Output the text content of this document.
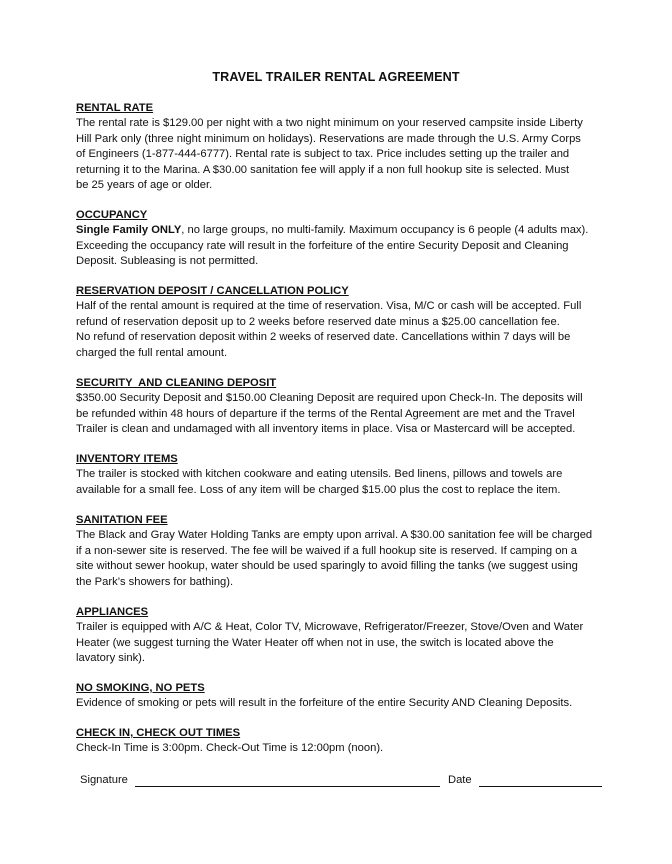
TRAVEL TRAILER RENTAL AGREEMENT
RENTAL RATE
The rental rate is $129.00 per night with a two night minimum on your reserved campsite inside Liberty
Hill Park only (three night minimum on holidays). Reservations are made through the U.S. Army Corps
of Engineers (1-877-444-6777). Rental rate is subject to tax. Price includes setting up the trailer and
returning it to the Marina. A $30.00 sanitation fee will apply if a non full hookup site is selected. Must
be 25 years of age or older.
OCCUPANCY
Single Family ONLY, no large groups, no multi-family. Maximum occupancy is 6 people (4 adults max).
Exceeding the occupancy rate will result in the forfeiture of the entire Security Deposit and Cleaning
Deposit. Subleasing is not permitted.
RESERVATION DEPOSIT / CANCELLATION POLICY
Half of the rental amount is required at the time of reservation. Visa, M/C or cash will be accepted. Full
refund of reservation deposit up to 2 weeks before reserved date minus a $25.00 cancellation fee.
No refund of reservation deposit within 2 weeks of reserved date. Cancellations within 7 days will be
charged the full rental amount.
SECURITY  AND CLEANING DEPOSIT
$350.00 Security Deposit and $150.00 Cleaning Deposit are required upon Check-In. The deposits will
be refunded within 48 hours of departure if the terms of the Rental Agreement are met and the Travel
Trailer is clean and undamaged with all inventory items in place. Visa or Mastercard will be accepted.
INVENTORY ITEMS
The trailer is stocked with kitchen cookware and eating utensils. Bed linens, pillows and towels are
available for a small fee. Loss of any item will be charged $15.00 plus the cost to replace the item.
SANITATION FEE
The Black and Gray Water Holding Tanks are empty upon arrival. A $30.00 sanitation fee will be charged
if a non-sewer site is reserved. The fee will be waived if a full hookup site is reserved. If camping on a
site without sewer hookup, water should be used sparingly to avoid filling the tanks (we suggest using
the Park’s showers for bathing).
APPLIANCES
Trailer is equipped with A/C & Heat, Color TV, Microwave, Refrigerator/Freezer, Stove/Oven and Water
Heater (we suggest turning the Water Heater off when not in use, the switch is located above the
lavatory sink).
NO SMOKING, NO PETS
Evidence of smoking or pets will result in the forfeiture of the entire Security AND Cleaning Deposits.
CHECK IN, CHECK OUT TIMES
Check-In Time is 3:00pm. Check-Out Time is 12:00pm (noon).
Signature	Date
